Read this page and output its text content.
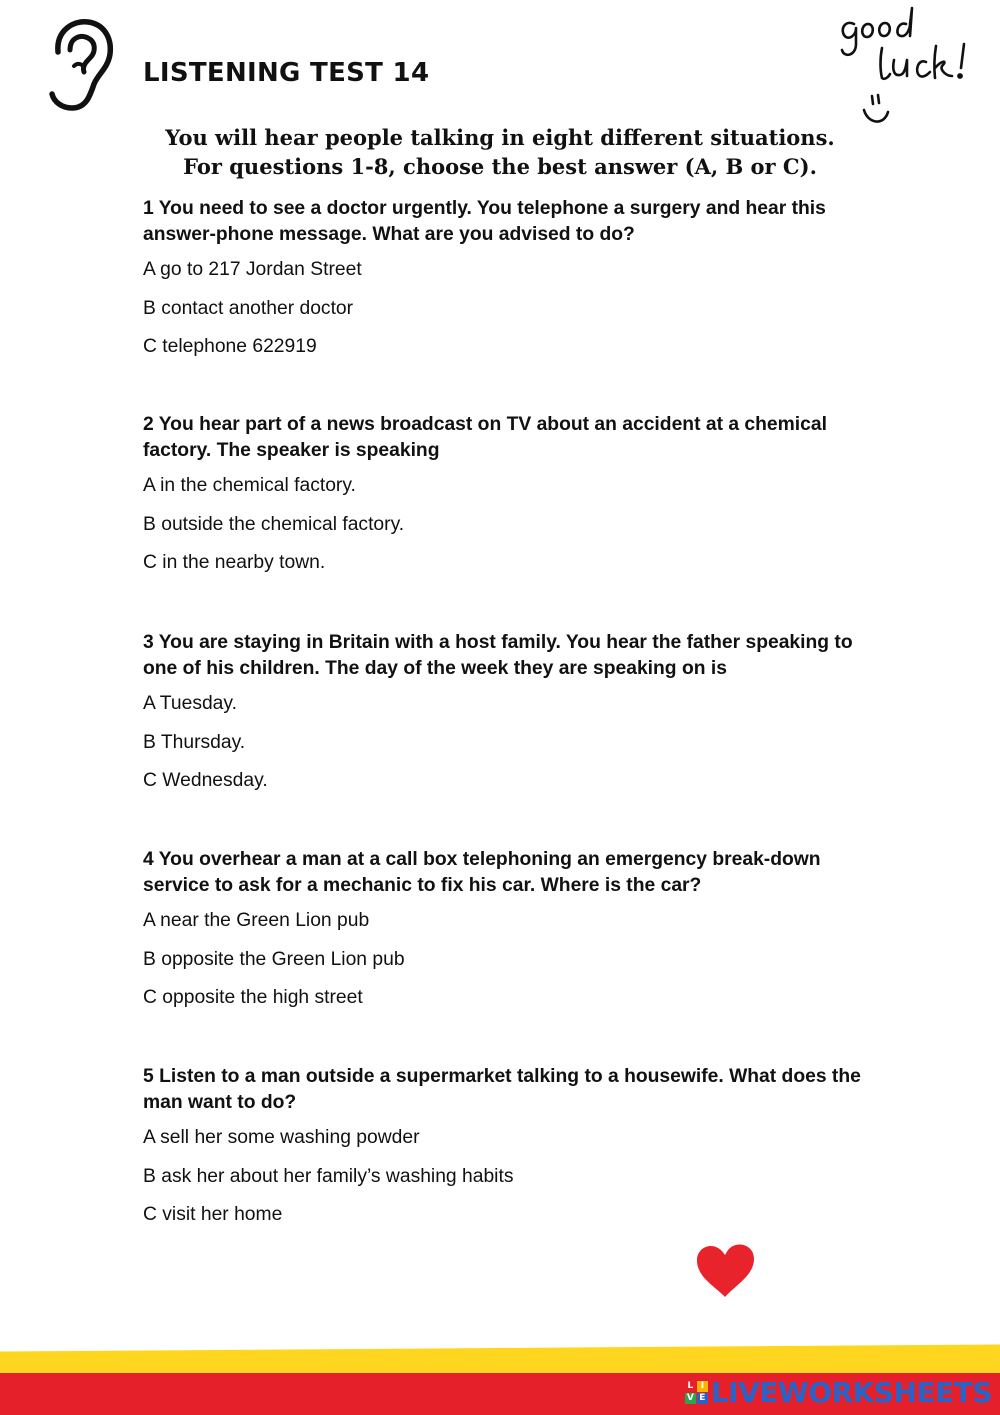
LISTENING TEST 14

You will hear people talking in eight different situations.
For questions 1-8, choose the best answer (A, B or C).

1 You need to see a doctor urgently. You telephone a surgery and hear this answer-phone message. What are you advised to do?

A go to 217 Jordan Street
B contact another doctor
C telephone 622919

2 You hear part of a news broadcast on TV about an accident at a chemical factory. The speaker is speaking

A in the chemical factory.
B outside the chemical factory.
C in the nearby town.

3 You are staying in Britain with a host family. You hear the father speaking to one of his children. The day of the week they are speaking on is

A Tuesday.
B Thursday.
C Wednesday.

4 You overhear a man at a call box telephoning an emergency break-down service to ask for a mechanic to fix his car. Where is the car?

A near the Green Lion pub
B opposite the Green Lion pub
C opposite the high street

5 Listen to a man outside a supermarket talking to a housewife. What does the man want to do?

A sell her some washing powder
B ask her about her family’s washing habits
C visit her home
L I
V E LIVEWORKSHEETS
